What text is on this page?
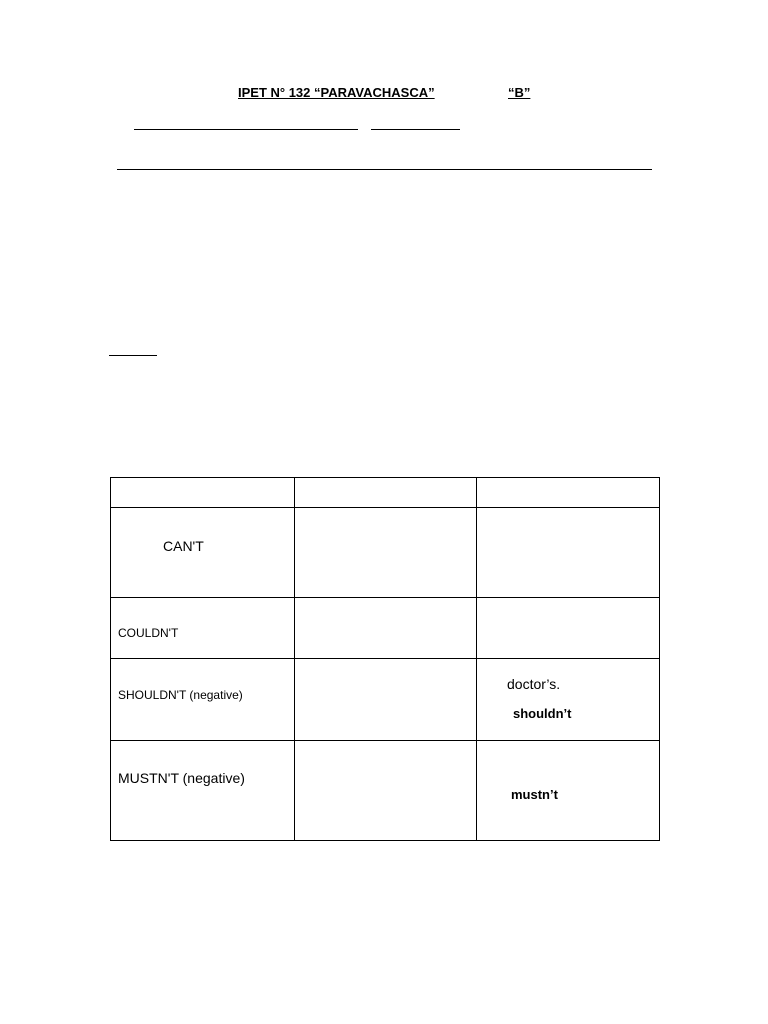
IPET N° 132 “PARAVACHASCA”	“B”

CAN'T		

COULDN'T		

SHOULDN'T (negative)		doctor’s.
shouldn’t

MUSTN'T (negative)		mustn’t
